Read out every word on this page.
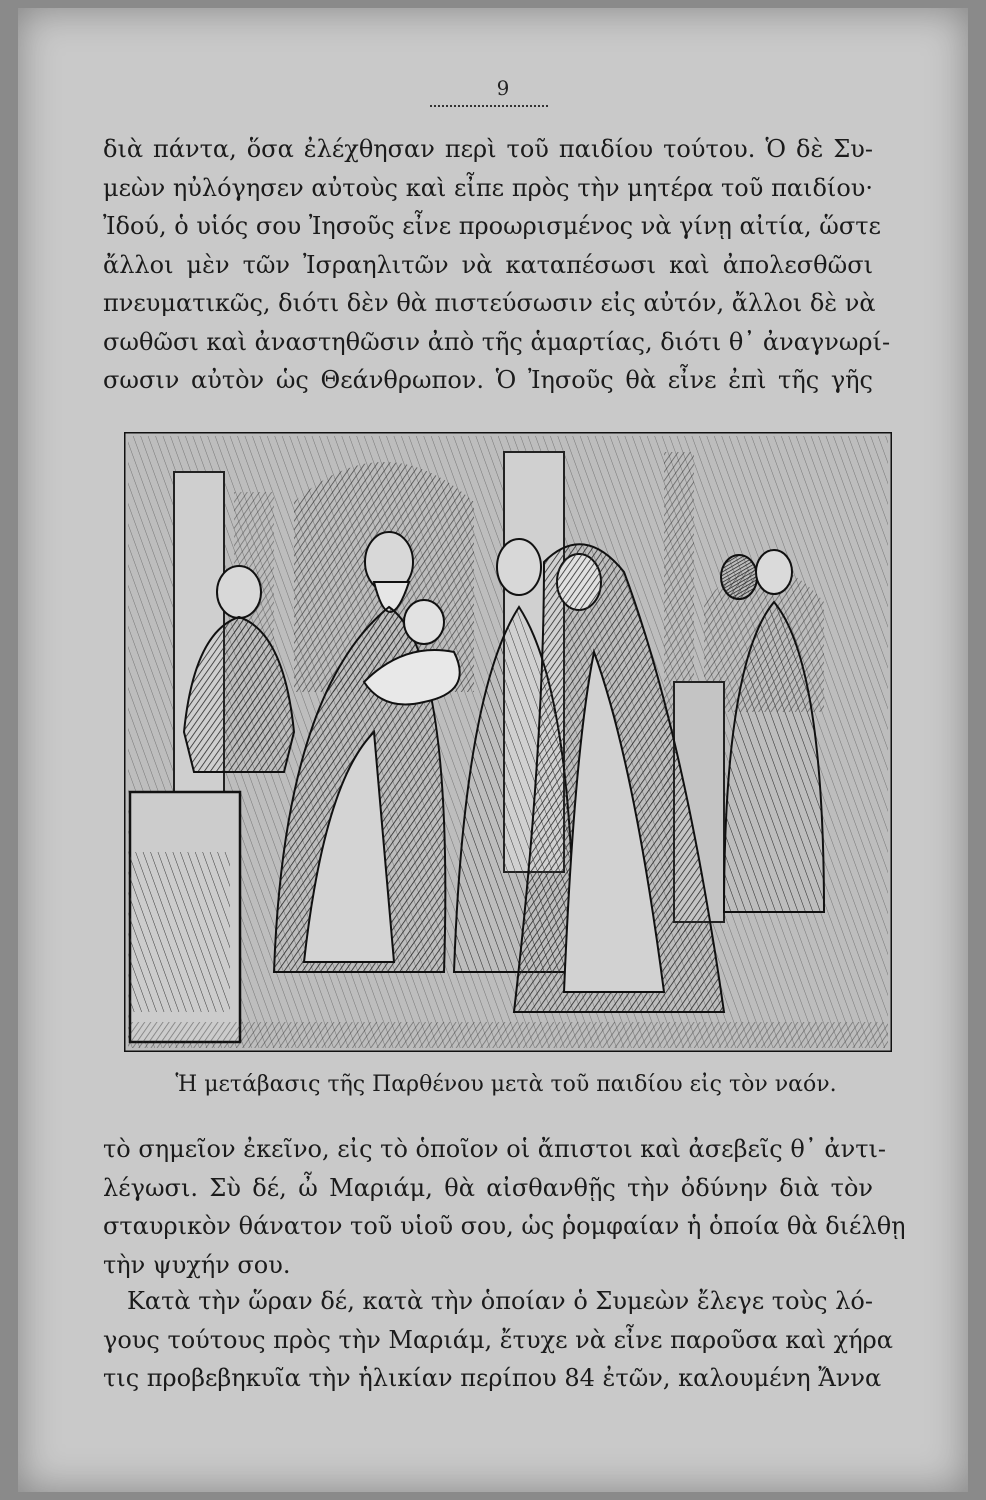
9
διὰ πάντα, ὅσα ἐλέχθησαν περὶ τοῦ παιδίου τούτου. Ὁ δὲ Συ-
μεὼν ηὐλόγησεν αὐτοὺς καὶ εἶπε πρὸς τὴν μητέρα τοῦ παιδίου·
Ἰδού, ὁ υἱός σου Ἰησοῦς εἶνε προωρισμένος νὰ γίνῃ αἰτία, ὥστε
ἄλλοι μὲν τῶν Ἰσραηλιτῶν νὰ καταπέσωσι καὶ ἀπολεσθῶσι
πνευματικῶς, διότι δὲν θὰ πιστεύσωσιν εἰς αὐτόν, ἄλλοι δὲ νὰ
σωθῶσι καὶ ἀναστηθῶσιν ἀπὸ τῆς ἁμαρτίας, διότι θ᾽ ἀναγνωρί-
σωσιν αὐτὸν ὡς Θεάνθρωπον. Ὁ Ἰησοῦς θὰ εἶνε ἐπὶ τῆς γῆς
Ἡ μετάβασις τῆς Παρθένου μετὰ τοῦ παιδίου εἰς τὸν ναόν.
τὸ σημεῖον ἐκεῖνο, εἰς τὸ ὁποῖον οἱ ἄπιστοι καὶ ἀσεβεῖς θ᾽ ἀντι-
λέγωσι. Σὺ δέ, ὦ Μαριάμ, θὰ αἰσθανθῇς τὴν ὀδύνην διὰ τὸν
σταυρικὸν θάνατον τοῦ υἱοῦ σου, ὡς ῥομφαίαν ἡ ὁποία θὰ διέλθῃ
τὴν ψυχήν σου.
Κατὰ τὴν ὥραν δέ, κατὰ τὴν ὁποίαν ὁ Συμεὼν ἔλεγε τοὺς λό-
γους τούτους πρὸς τὴν Μαριάμ, ἔτυχε νὰ εἶνε παροῦσα καὶ χήρα
τις προβεβηκυῖα τὴν ἡλικίαν περίπου 84 ἐτῶν, καλουμένη Ἄννα
